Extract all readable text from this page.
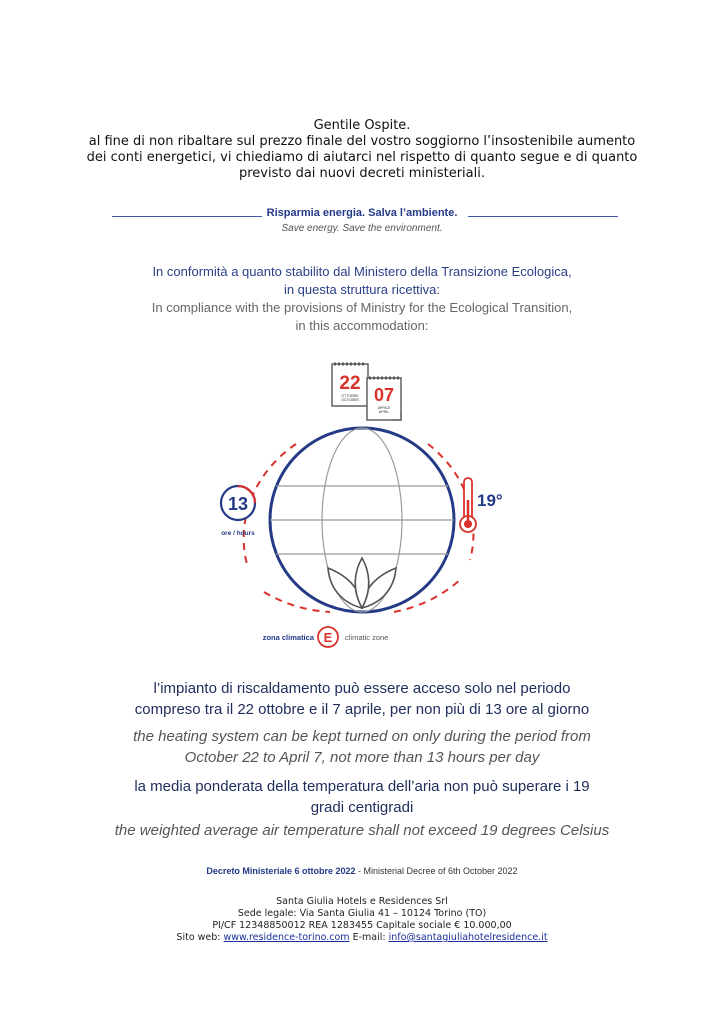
Gentile Ospite.
al fine di non ribaltare sul prezzo finale del vostro soggiorno l’insostenibile aumento
dei conti energetici, vi chiediamo di aiutarci nel rispetto di quanto segue e di quanto
previsto dai nuovi decreti ministeriali.
Risparmia energia. Salva l’ambiente.
Save energy. Save the environment.
In conformità a quanto stabilito dal Ministero della Transizione Ecologica,
in questa struttura ricettiva:
In compliance with the provisions of Ministry for the Ecological Transition,
in this accommodation:
22
OTTOBRE
OCTOBER 07
APRILE
APRIL
13
ore / hours
19°
zona climatica E climatic zone
l’impianto di riscaldamento può essere acceso solo nel periodo
compreso tra il 22 ottobre e il 7 aprile, per non più di 13 ore al giorno
the heating system can be kept turned on only during the period from
October 22 to April 7, not more than 13 hours per day
la media ponderata della temperatura dell’aria non può superare i 19
gradi centigradi
the weighted average air temperature shall not exceed 19 degrees Celsius
Decreto Ministeriale 6 ottobre 2022 - Ministerial Decree of 6th October 2022
Santa Giulia Hotels e Residences Srl
Sede legale: Via Santa Giulia 41 – 10124 Torino (TO)
PI/CF 12348850012 REA 1283455 Capitale sociale € 10.000,00
Sito web: www.residence-torino.com E-mail: info@santagiuliahotelresidence.it
